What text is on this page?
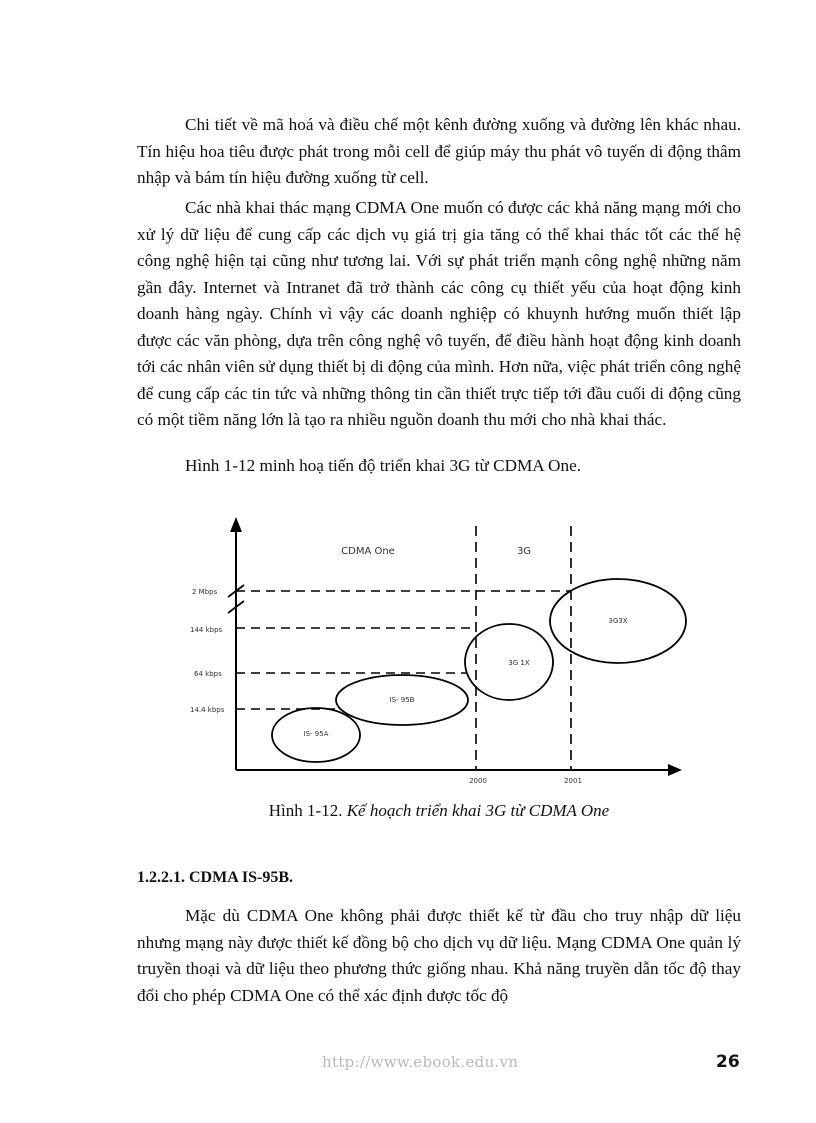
Chi tiết về mã hoá và điều chế một kênh đường xuống và đường lên khác nhau. Tín hiệu hoa tiêu được phát trong mỗi cell để giúp máy thu phát vô tuyến di động thâm nhập và bám tín hiệu đường xuống từ cell.

Các nhà khai thác mạng CDMA One muốn có được các khả năng mạng mới cho xử lý dữ liệu để cung cấp các dịch vụ giá trị gia tăng có thể khai thác tốt các thế hệ công nghệ hiện tại cũng như tương lai. Với sự phát triển mạnh công nghệ những năm gần đây. Internet và Intranet đã trở thành các công cụ thiết yếu của hoạt động kinh doanh hàng ngày. Chính vì vậy các doanh nghiệp có khuynh hướng muốn thiết lập được các văn phòng, dựa trên công nghệ vô tuyến, để điều hành hoạt động kinh doanh tới các nhân viên sử dụng thiết bị di động của mình. Hơn nữa, việc phát triển công nghệ để cung cấp các tin tức và những thông tin cần thiết trực tiếp tới đầu cuối di động cũng có một tiềm năng lớn là tạo ra nhiều nguồn doanh thu mới cho nhà khai thác.

Hình 1-12 minh hoạ tiến độ triển khai 3G từ CDMA One.

CDMA One	3G
2 Mbps
144 kbps
64 kbps
14.4 kbps
2000	2001
IS- 95A
IS- 95B
3G 1X
3G3X

Hình 1-12. Kế hoạch triển khai 3G từ CDMA One

1.2.2.1. CDMA IS-95B.

Mặc dù CDMA One không phải được thiết kế từ đầu cho truy nhập dữ liệu nhưng mạng này được thiết kế đồng bộ cho dịch vụ dữ liệu. Mạng CDMA One quản lý truyền thoại và dữ liệu theo phương thức giống nhau. Khả năng truyền dẫn tốc độ thay đổi cho phép CDMA One có thể xác định được tốc độ

http://www.ebook.edu.vn	26
